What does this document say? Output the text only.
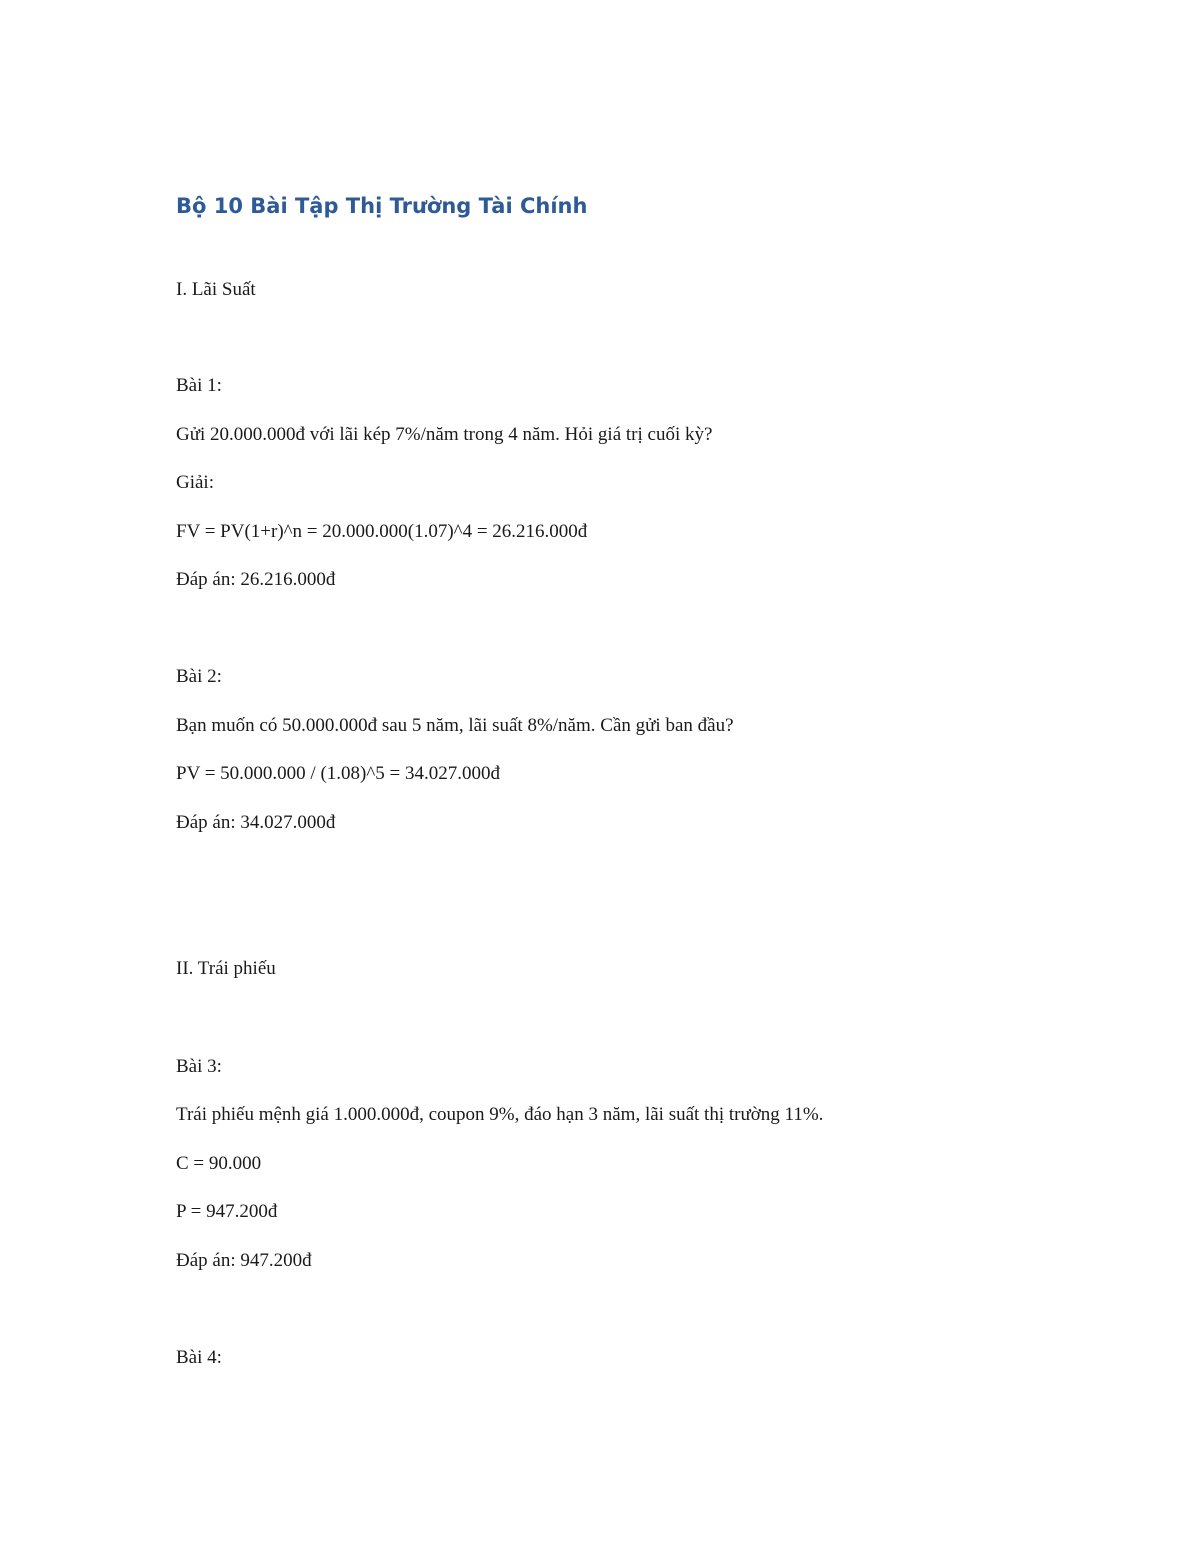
Bộ 10 Bài Tập Thị Trường Tài Chính
I. Lãi Suất
Bài 1:
Gửi 20.000.000đ với lãi kép 7%/năm trong 4 năm. Hỏi giá trị cuối kỳ?
Giải:
FV = PV(1+r)^n = 20.000.000(1.07)^4 = 26.216.000đ
Đáp án: 26.216.000đ
Bài 2:
Bạn muốn có 50.000.000đ sau 5 năm, lãi suất 8%/năm. Cần gửi ban đầu?
PV = 50.000.000 / (1.08)^5 = 34.027.000đ
Đáp án: 34.027.000đ
II. Trái phiếu
Bài 3:
Trái phiếu mệnh giá 1.000.000đ, coupon 9%, đáo hạn 3 năm, lãi suất thị trường 11%.
C = 90.000
P = 947.200đ
Đáp án: 947.200đ
Bài 4:
